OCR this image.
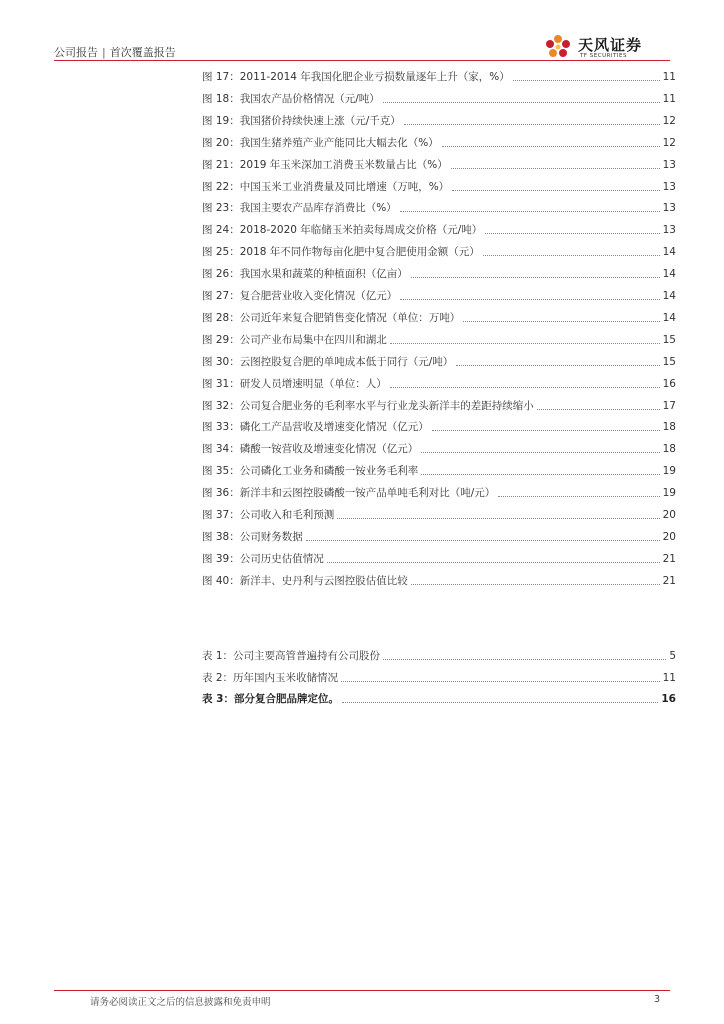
公司报告 | 首次覆盖报告	天风证券
TF SECURITIES
图 17： 2011-2014 年我国化肥企业亏损数量逐年上升（家，%）	11
图 18： 我国农产品价格情况（元/吨）	11
图 19： 我国猪价持续快速上涨（元/千克）	12
图 20： 我国生猪养殖产业产能同比大幅去化（%）	12
图 21： 2019 年玉米深加工消费玉米数量占比（%）	13
图 22： 中国玉米工业消费量及同比增速（万吨，%）	13
图 23： 我国主要农产品库存消费比（%）	13
图 24： 2018-2020 年临储玉米拍卖每周成交价格（元/吨）	13
图 25： 2018 年不同作物每亩化肥中复合肥使用金额（元）	14
图 26： 我国水果和蔬菜的种植面积（亿亩）	14
图 27： 复合肥营业收入变化情况（亿元）	14
图 28： 公司近年来复合肥销售变化情况（单位：万吨）	14
图 29： 公司产业布局集中在四川和湖北	15
图 30： 云图控股复合肥的单吨成本低于同行（元/吨）	15
图 31： 研发人员增速明显（单位：人）	16
图 32： 公司复合肥业务的毛利率水平与行业龙头新洋丰的差距持续缩小	17
图 33： 磷化工产品营收及增速变化情况（亿元）	18
图 34： 磷酸一铵营收及增速变化情况（亿元）	18
图 35： 公司磷化工业务和磷酸一铵业务毛利率	19
图 36： 新洋丰和云图控股磷酸一铵产品单吨毛利对比（吨/元）	19
图 37： 公司收入和毛利预测	20
图 38： 公司财务数据	20
图 39： 公司历史估值情况	21
图 40： 新洋丰、史丹利与云图控股估值比较	21
表 1： 公司主要高管普遍持有公司股份	5
表 2： 历年国内玉米收储情况	11
表 3： 部分复合肥品牌定位。	16
请务必阅读正文之后的信息披露和免责申明	3
